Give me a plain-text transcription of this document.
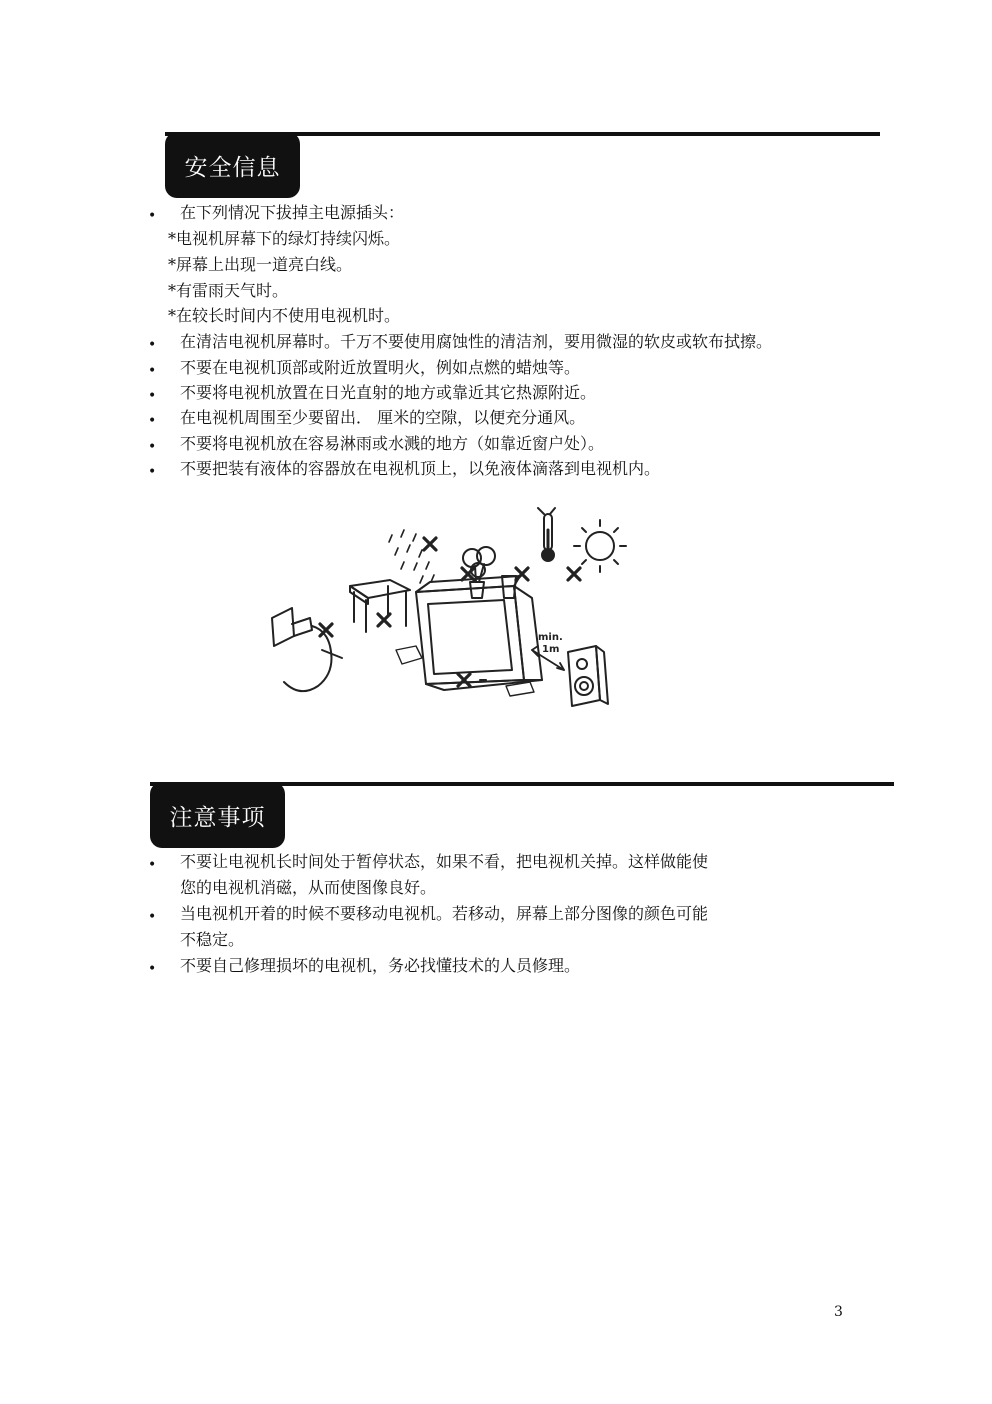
安全信息
• 在下列情况下拔掉主电源插头：
*电视机屏幕下的绿灯持续闪烁。
*屏幕上出现一道亮白线。
*有雷雨天气时。
*在较长时间内不使用电视机时。
• 在清洁电视机屏幕时。千万不要使用腐蚀性的清洁剂，要用微湿的软皮或软布拭擦。
• 不要在电视机顶部或附近放置明火，例如点燃的蜡烛等。
• 不要将电视机放置在日光直射的地方或靠近其它热源附近。
• 在电视机周围至少要留出． 厘米的空隙，以便充分通风。
• 不要将电视机放在容易淋雨或水溅的地方（如靠近窗户处）。
• 不要把装有液体的容器放在电视机顶上，以免液体滴落到电视机内。
min.
1m
注意事项
• 不要让电视机长时间处于暂停状态，如果不看，把电视机关掉。这样做能使
您的电视机消磁，从而使图像良好。
• 当电视机开着的时候不要移动电视机。若移动，屏幕上部分图像的颜色可能
不稳定。
• 不要自己修理损坏的电视机，务必找懂技术的人员修理。
3
